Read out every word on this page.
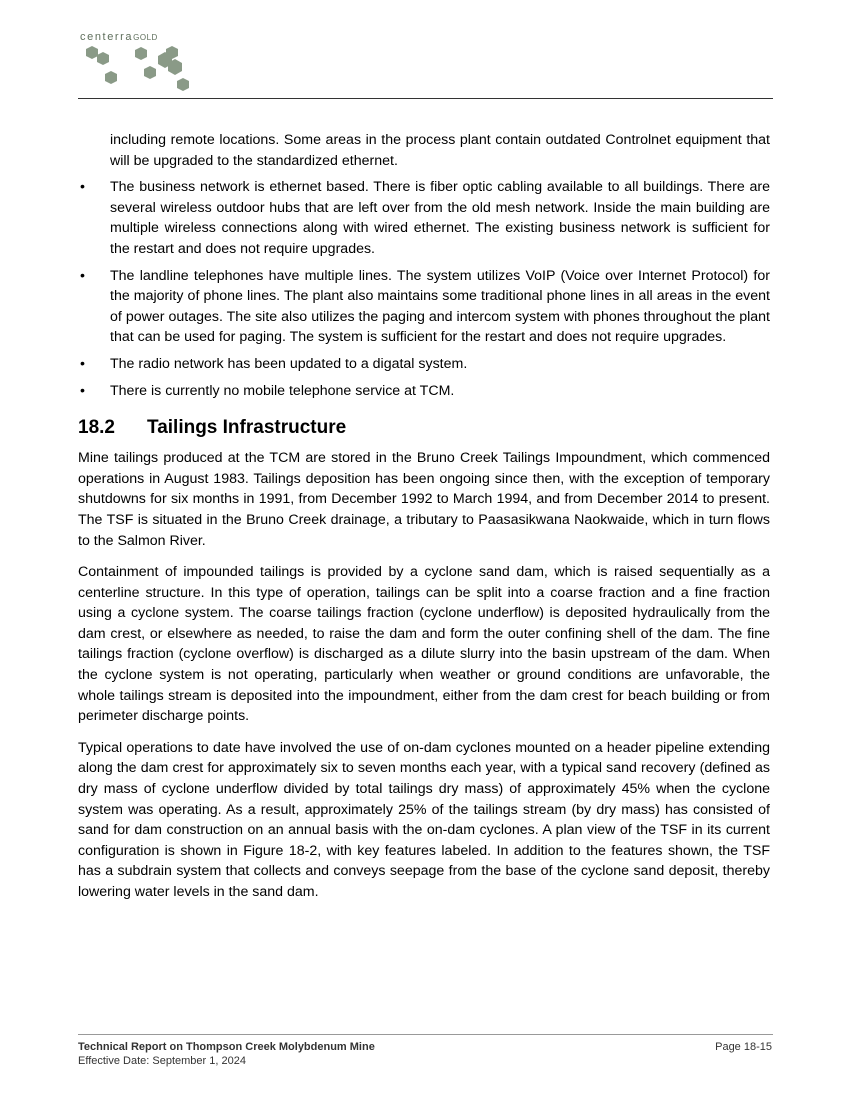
centerraGOLD

including remote locations. Some areas in the process plant contain outdated Controlnet equipment that will be upgraded to the standardized ethernet.

• The business network is ethernet based. There is fiber optic cabling available to all buildings. There are several wireless outdoor hubs that are left over from the old mesh network. Inside the main building are multiple wireless connections along with wired ethernet. The existing business network is sufficient for the restart and does not require upgrades.
• The landline telephones have multiple lines. The system utilizes VoIP (Voice over Internet Protocol) for the majority of phone lines. The plant also maintains some traditional phone lines in all areas in the event of power outages. The site also utilizes the paging and intercom system with phones throughout the plant that can be used for paging. The system is sufficient for the restart and does not require upgrades.
• The radio network has been updated to a digatal system.
• There is currently no mobile telephone service at TCM.
18.2 Tailings Infrastructure

Mine tailings produced at the TCM are stored in the Bruno Creek Tailings Impoundment, which commenced operations in August 1983. Tailings deposition has been ongoing since then, with the exception of temporary shutdowns for six months in 1991, from December 1992 to March 1994, and from December 2014 to present. The TSF is situated in the Bruno Creek drainage, a tributary to Paasasikwana Naokwaide, which in turn flows to the Salmon River.

Containment of impounded tailings is provided by a cyclone sand dam, which is raised sequentially as a centerline structure. In this type of operation, tailings can be split into a coarse fraction and a fine fraction using a cyclone system. The coarse tailings fraction (cyclone underflow) is deposited hydraulically from the dam crest, or elsewhere as needed, to raise the dam and form the outer confining shell of the dam. The fine tailings fraction (cyclone overflow) is discharged as a dilute slurry into the basin upstream of the dam. When the cyclone system is not operating, particularly when weather or ground conditions are unfavorable, the whole tailings stream is deposited into the impoundment, either from the dam crest for beach building or from perimeter discharge points.

Typical operations to date have involved the use of on-dam cyclones mounted on a header pipeline extending along the dam crest for approximately six to seven months each year, with a typical sand recovery (defined as dry mass of cyclone underflow divided by total tailings dry mass) of approximately 45% when the cyclone system was operating. As a result, approximately 25% of the tailings stream (by dry mass) has consisted of sand for dam construction on an annual basis with the on-dam cyclones. A plan view of the TSF in its current configuration is shown in Figure 18-2, with key features labeled. In addition to the features shown, the TSF has a subdrain system that collects and conveys seepage from the base of the cyclone sand deposit, thereby lowering water levels in the sand dam.

Technical Report on Thompson Creek Molybdenum Mine
Effective Date: September 1, 2024
Page 18-15
